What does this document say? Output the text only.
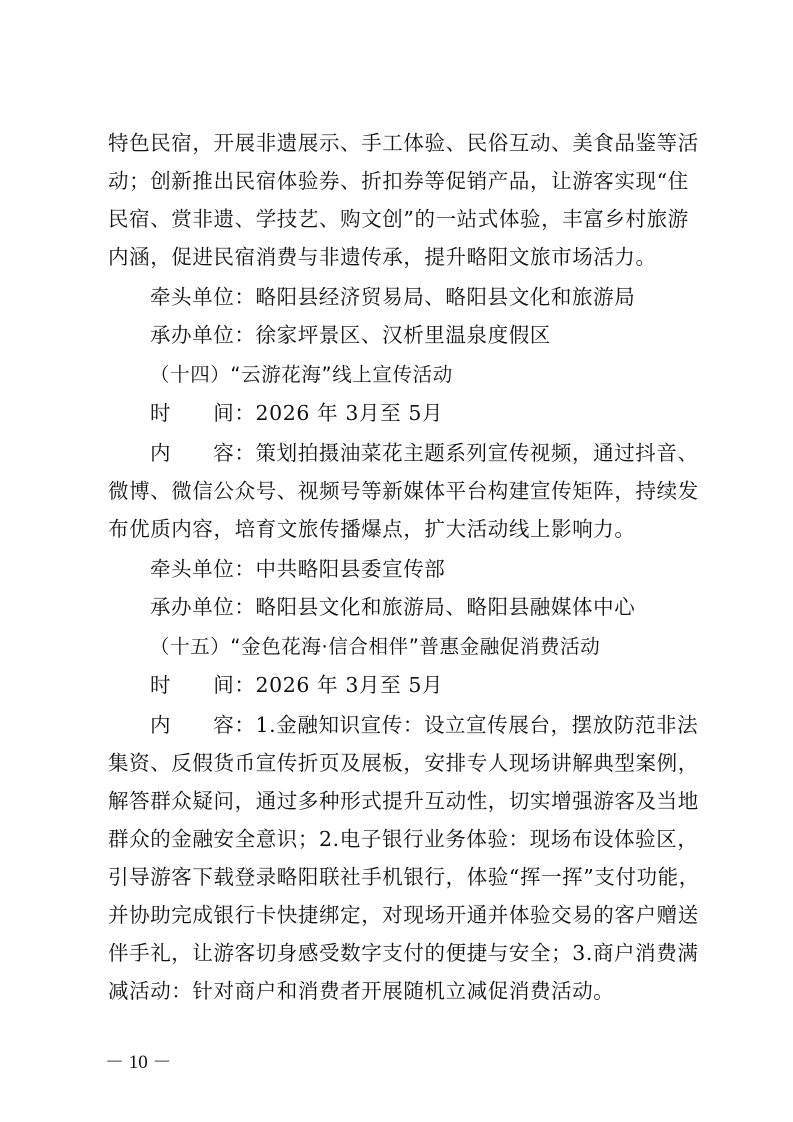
特色民宿，开展非遗展示、手工体验、民俗互动、美食品鉴等活
动；创新推出民宿体验券、折扣券等促销产品，让游客实现“住
民宿、赏非遗、学技艺、购文创”的一站式体验，丰富乡村旅游
内涵，促进民宿消费与非遗传承，提升略阳文旅市场活力。
牵头单位：略阳县经济贸易局、略阳县文化和旅游局
承办单位：徐家坪景区、汉析里温泉度假区
（十四）“云游花海”线上宣传活动
时　　间：2026 年 3月至 5月
内　　容：策划拍摄油菜花主题系列宣传视频，通过抖音、
微博、微信公众号、视频号等新媒体平台构建宣传矩阵，持续发
布优质内容，培育文旅传播爆点，扩大活动线上影响力。
牵头单位：中共略阳县委宣传部
承办单位：略阳县文化和旅游局、略阳县融媒体中心
（十五）“金色花海·信合相伴”普惠金融促消费活动
时　　间：2026 年 3月至 5月
内　　容：1.金融知识宣传：设立宣传展台，摆放防范非法
集资、反假货币宣传折页及展板，安排专人现场讲解典型案例，
解答群众疑问，通过多种形式提升互动性，切实增强游客及当地
群众的金融安全意识；2.电子银行业务体验：现场布设体验区，
引导游客下载登录略阳联社手机银行，体验“挥一挥”支付功能，
并协助完成银行卡快捷绑定，对现场开通并体验交易的客户赠送
伴手礼，让游客切身感受数字支付的便捷与安全；3.商户消费满
减活动：针对商户和消费者开展随机立减促消费活动。
－ 10 －
